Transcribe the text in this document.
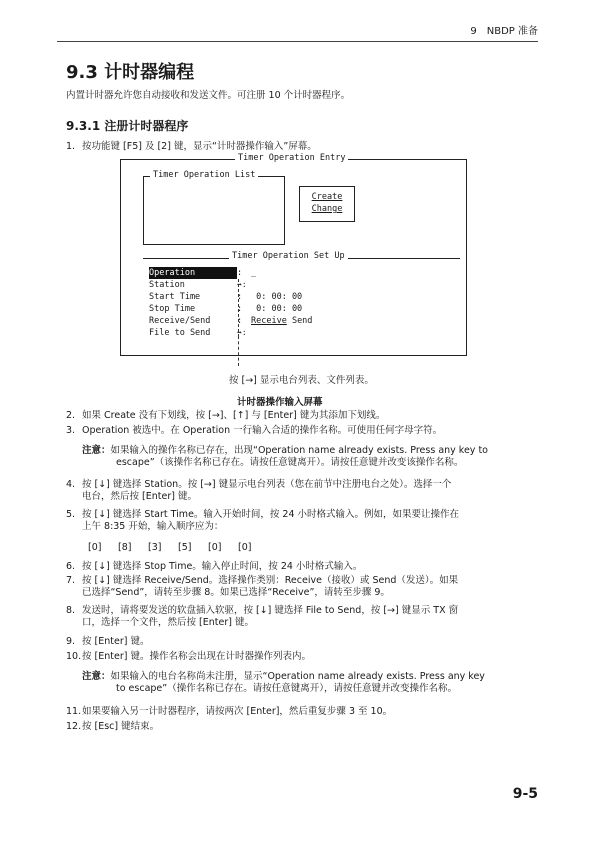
9　NBDP 准备
9.3 计时器编程
内置计时器允许您自动接收和发送文件。可注册 10 个计时器程序。
9.3.1 注册计时器程序
1. 按功能键 [F5] 及 [2] 键，显示“计时器操作输入”屏幕。
Timer Operation Entry
Timer Operation List
Create
Change
Timer Operation Set Up
Operation	: _
Station	➡:
Start Time	: 0: 00: 00
Stop Time	: 0: 00: 00
Receive/Send	: Receive Send
File to Send	➡:
按 [→] 显示电台列表、文件列表。
计时器操作输入屏幕
2. 如果 Create 没有下划线，按 [→]、[↑] 与 [Enter] 键为其添加下划线。
3. Operation 被选中。在 Operation 一行输入合适的操作名称。可使用任何字母字符。
注意：如果输入的操作名称已存在，出现“Operation name already exists. Press any key to
escape”（该操作名称已存在。请按任意键离开）。请按任意键并改变该操作名称。
4. 按 [↓] 键选择 Station。按 [→] 键显示电台列表（您在前节中注册电台之处）。选择一个
电台，然后按 [Enter] 键。
5. 按 [↓] 键选择 Start Time。输入开始时间，按 24 小时格式输入。例如，如果要让操作在
上午 8:35 开始，输入顺序应为：
[0] [8] [3] [5] [0] [0]
6. 按 [↓] 键选择 Stop Time。输入停止时间，按 24 小时格式输入。
7. 按 [↓] 键选择 Receive/Send。选择操作类别：Receive（接收）或 Send（发送）。如果
已选择“Send”，请转至步骤 8。如果已选择“Receive”，请转至步骤 9。
8. 发送时，请将要发送的软盘插入软驱，按 [↓] 键选择 File to Send，按 [→] 键显示 TX 窗
口，选择一个文件，然后按 [Enter] 键。
9. 按 [Enter] 键。
10.按 [Enter] 键。操作名称会出现在计时器操作列表内。
注意：如果输入的电台名称尚未注册，显示“Operation name already exists. Press any key
to escape”（操作名称已存在。请按任意键离开），请按任意键并改变操作名称。
11.如果要输入另一计时器程序，请按两次 [Enter]，然后重复步骤 3 至 10。
12.按 [Esc] 键结束。
9-5
